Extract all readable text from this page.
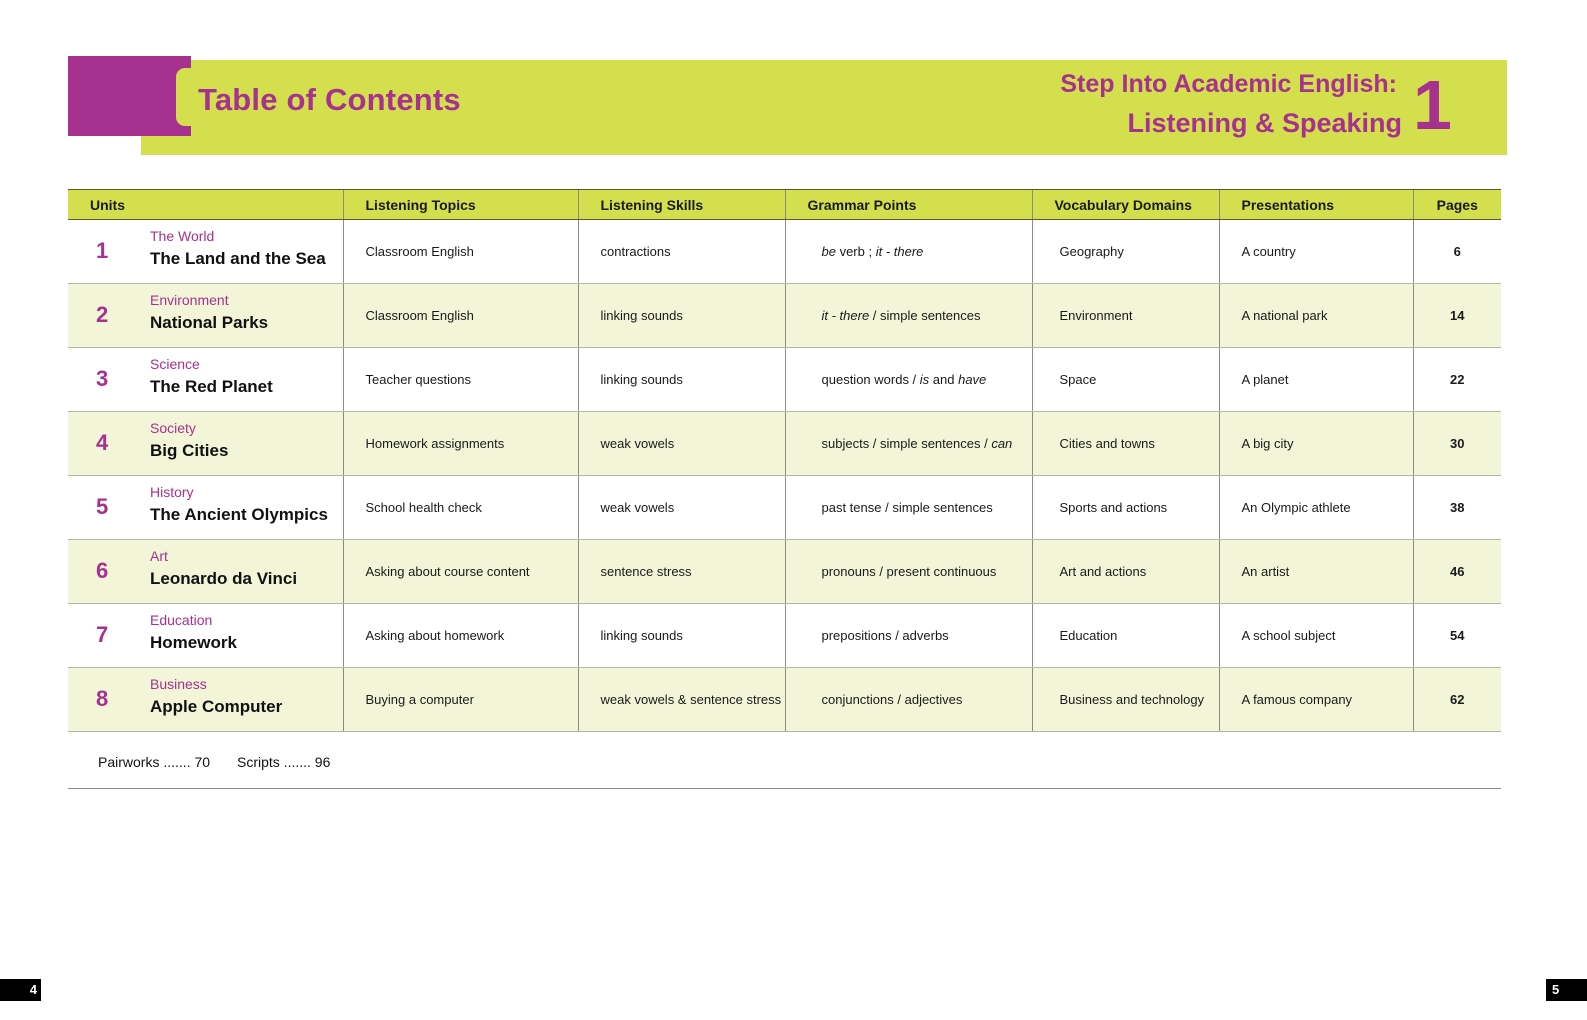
Table of Contents	Step Into Academic English:
Listening & Speaking 1
Units	Listening Topics	Listening Skills	Grammar Points	Vocabulary Domains	Presentations	Pages

1
The World
The Land and the Sea	Classroom English	contractions	be verb ; it - there	Geography	A country	6

2
Environment
National Parks	Classroom English	linking sounds	it - there / simple sentences	Environment	A national park	14

3
Science
The Red Planet	Teacher questions	linking sounds	question words / is and have	Space	A planet	22

4
Society
Big Cities	Homework assignments	weak vowels	subjects / simple sentences / can	Cities and towns	A big city	30

5
History
The Ancient Olympics	School health check	weak vowels	past tense / simple sentences	Sports and actions	An Olympic athlete	38

6
Art
Leonardo da Vinci	Asking about course content	sentence stress	pronouns / present continuous	Art and actions	An artist	46

7
Education
Homework	Asking about homework	linking sounds	prepositions / adverbs	Education	A school subject	54

8
Business
Apple Computer	Buying a computer	weak vowels & sentence stress	conjunctions / adjectives	Business and technology	A famous company	62
Pairworks ....... 70 Scripts ....... 96
4	5
